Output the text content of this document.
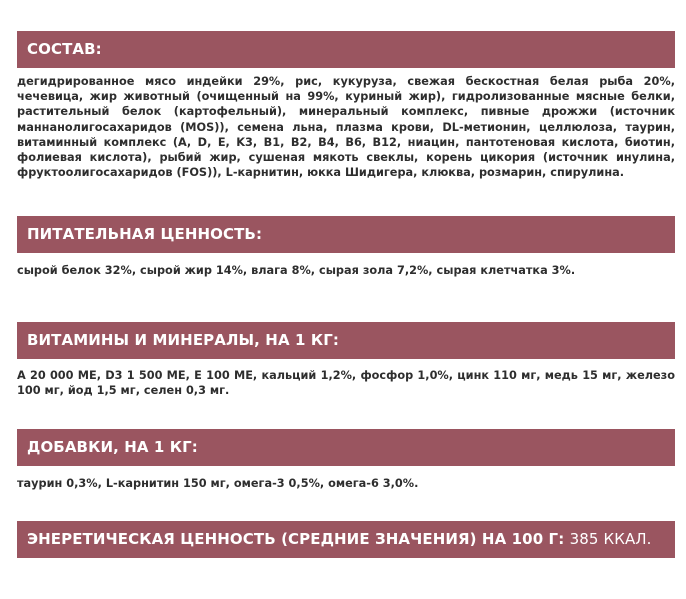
СОСТАВ:
дегидрированное мясо индейки 29%, рис, кукуруза, свежая бескостная белая рыба 20%, чечевица, жир животный (очищенный на 99%, куриный жир), гидролизованные мясные белки, растительный белок (картофельный), минеральный комплекс, пивные дрожжи (источник маннанолигосахаридов (MOS)), семена льна, плазма крови, DL-метионин, целлюлоза, таурин, витаминный комплекс (A, D, E, K3, B1, B2, B4, B6, B12, ниацин, пантотеновая кислота, биотин, фолиевая кислота), рыбий жир, сушеная мякоть свеклы, корень цикория (источник инулина, фруктоолигосахаридов (FOS)), L-карнитин, юкка Шидигера, клюква, розмарин, спирулина.
ПИТАТЕЛЬНАЯ ЦЕННОСТЬ:
сырой белок 32%, сырой жир 14%, влага 8%, сырая зола 7,2%, сырая клетчатка 3%.
ВИТАМИНЫ И МИНЕРАЛЫ, НА 1 КГ:
A 20 000 МЕ, D3 1 500 МЕ, E 100 МЕ, кальций 1,2%, фосфор 1,0%, цинк 110 мг, медь 15 мг, железо 100 мг, йод 1,5 мг, селен 0,3 мг.
ДОБАВКИ, НА 1 КГ:
таурин 0,3%, L-карнитин 150 мг, омега-3 0,5%, омега-6 3,0%.
ЭНЕРЕТИЧЕСКАЯ ЦЕННОСТЬ (СРЕДНИЕ ЗНАЧЕНИЯ) НА 100 Г: 385 ККАЛ.
